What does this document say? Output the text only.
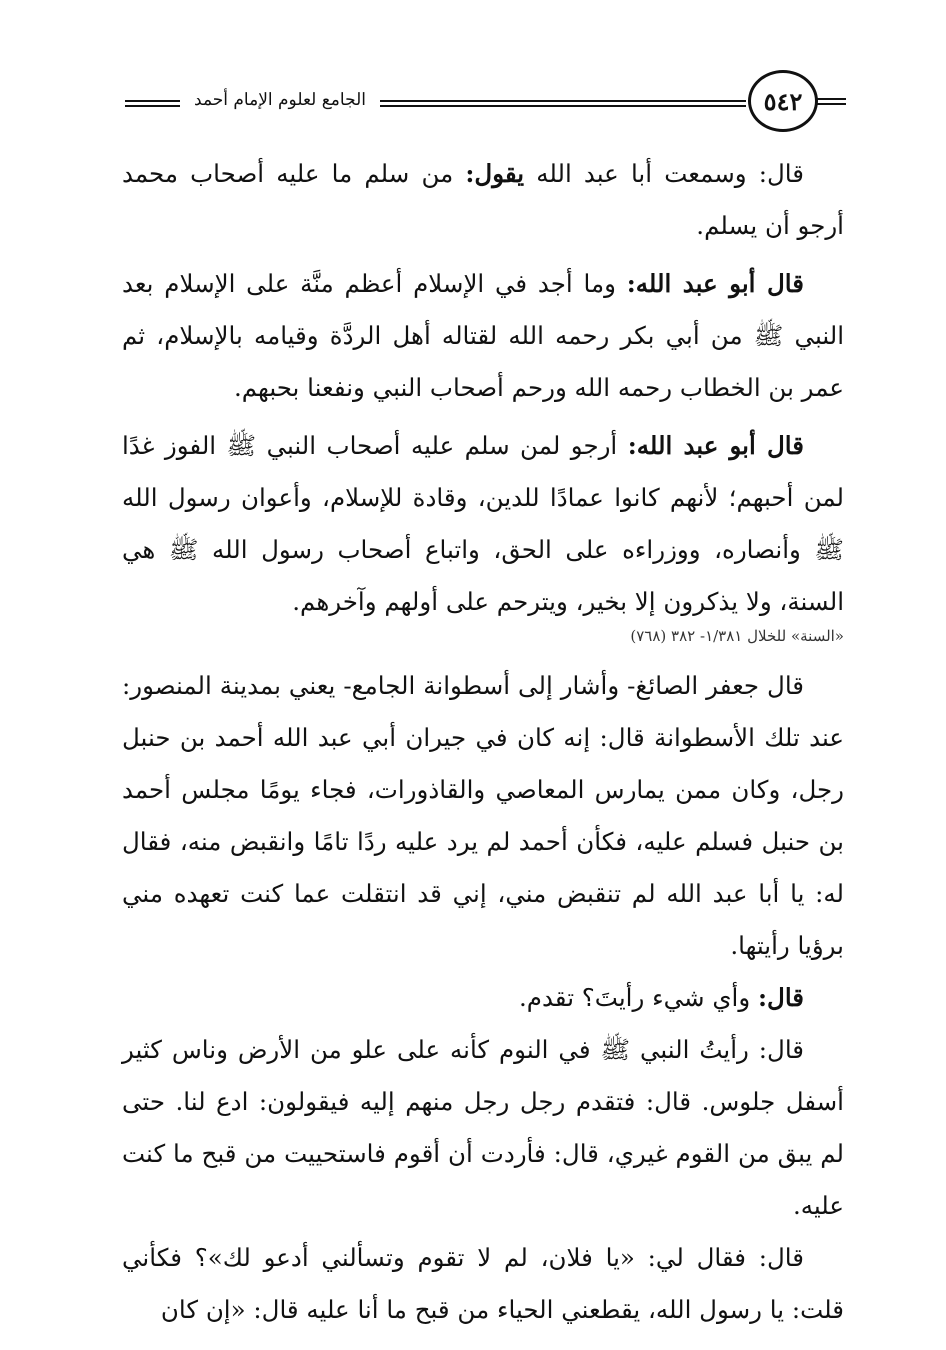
٥٤٢
الجامع لعلوم الإمام أحمد

قال: وسمعت أبا عبد الله يقول: من سلم ما عليه أصحاب محمد أرجو أن يسلم.

قال أبو عبد الله: وما أجد في الإسلام أعظم منَّة على الإسلام بعد النبي ﷺ من أبي بكر رحمه الله لقتاله أهل الردَّة وقيامه بالإسلام، ثم عمر بن الخطاب رحمه الله ورحم أصحاب النبي ونفعنا بحبهم.

قال أبو عبد الله: أرجو لمن سلم عليه أصحاب النبي ﷺ الفوز غدًا لمن أحبهم؛ لأنهم كانوا عمادًا للدين، وقادة للإسلام، وأعوان رسول الله ﷺ وأنصاره، ووزراءه على الحق، واتباع أصحاب رسول الله ﷺ هي السنة، ولا يذكرون إلا بخير، ويترحم على أولهم وآخرهم.

«السنة» للخلال ١/٣٨١- ٣٨٢ (٧٦٨)

قال جعفر الصائغ- وأشار إلى أسطوانة الجامع- يعني بمدينة المنصور: عند تلك الأسطوانة قال: إنه كان في جيران أبي عبد الله أحمد بن حنبل رجل، وكان ممن يمارس المعاصي والقاذورات، فجاء يومًا مجلس أحمد بن حنبل فسلم عليه، فكأن أحمد لم يرد عليه ردًا تامًا وانقبض منه، فقال له: يا أبا عبد الله لم تنقبض مني، إني قد انتقلت عما كنت تعهده مني برؤيا رأيتها.

قال: وأي شيء رأيتَ؟ تقدم.

قال: رأيتُ النبي ﷺ في النوم كأنه على علو من الأرض وناس كثير أسفل جلوس. قال: فتقدم رجل رجل منهم إليه فيقولون: ادع لنا. حتى لم يبق من القوم غيري، قال: فأردت أن أقوم فاستحييت من قبح ما كنت عليه.

قال: فقال لي: «يا فلان، لم لا تقوم وتسألني أدعو لك»؟ فكأني قلت: يا رسول الله، يقطعني الحياء من قبح ما أنا عليه قال: «إن كان
